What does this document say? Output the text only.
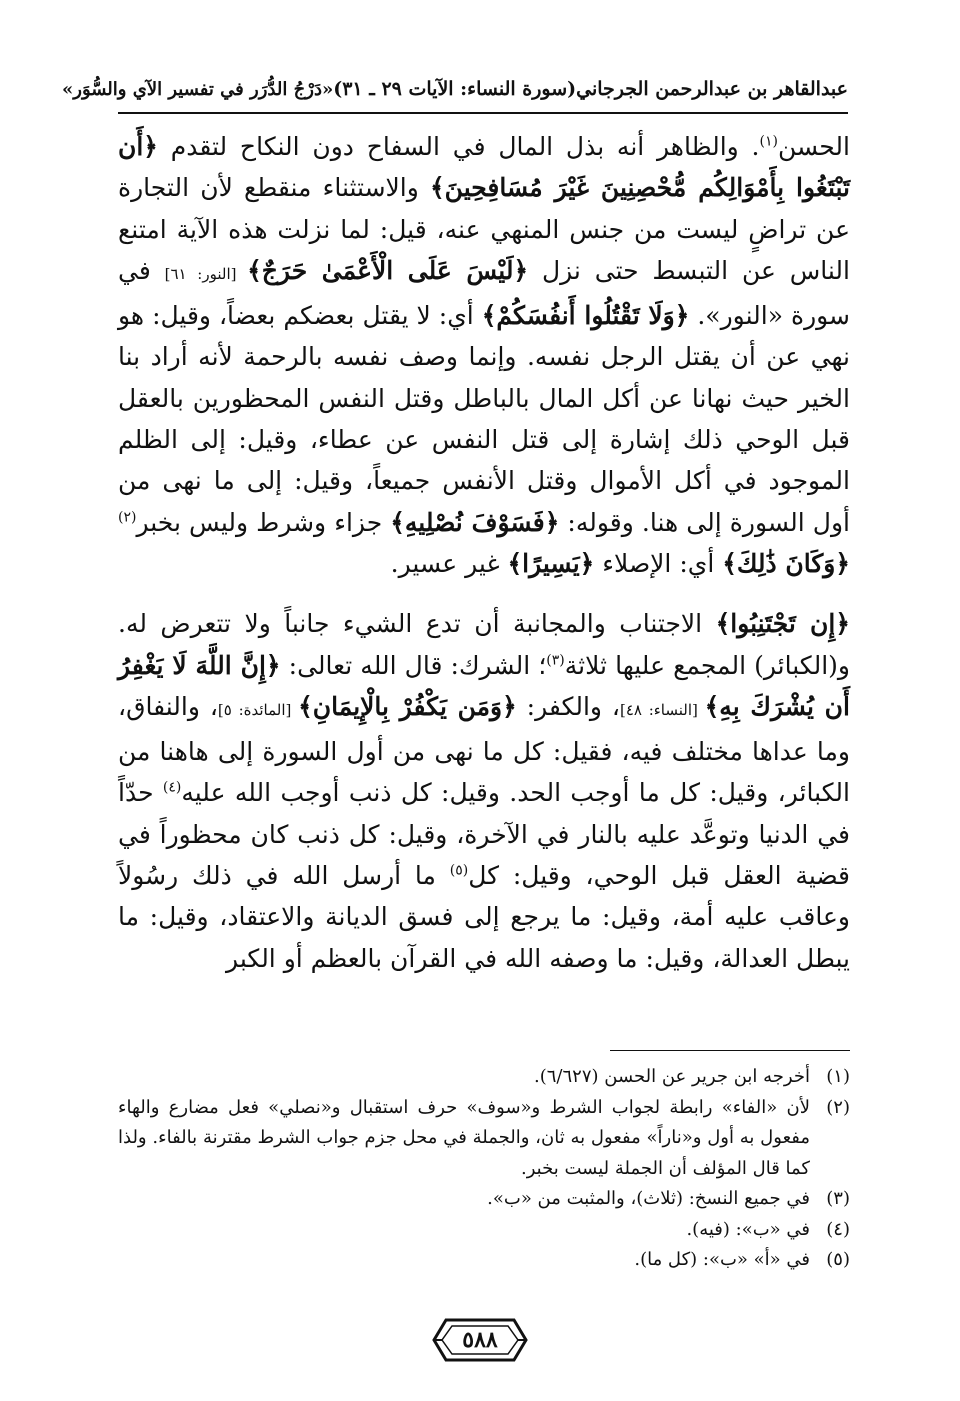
عبدالقاهر بن عبدالرحمن الجرجاني
(سورة النساء: الآيات ٢٩ ـ ٣١)
«دَرْجُ الدُّرَر في تفسير الآي والسُّوَر»

الحسن$^{(١)}$. والظاهر أنه بذل المال في السفاح دون النكاح لتقدم ﴿أَن تَبْتَغُوا بِأَمْوَالِكُم مُّحْصِنِينَ غَيْرَ مُسَافِحِينَ﴾ والاستثناء منقطع لأن التجارة عن تراضٍ ليست من جنس المنهي عنه، قيل: لما نزلت هذه الآية امتنع الناس عن التبسط حتى نزل ﴿لَيْسَ عَلَى الْأَعْمَىٰ حَرَجٌ﴾ [النور: ٦١] في سورة «النور». ﴿وَلَا تَقْتُلُوا أَنفُسَكُمْ﴾ أي: لا يقتل بعضكم بعضاً، وقيل: هو نهي عن أن يقتل الرجل نفسه. وإنما وصف نفسه بالرحمة لأنه أراد بنا الخير حيث نهانا عن أكل المال بالباطل وقتل النفس المحظورين بالعقل قبل الوحي ذلك إشارة إلى قتل النفس عن عطاء، وقيل: إلى الظلم الموجود في أكل الأموال وقتل الأنفس جميعاً، وقيل: إلى ما نهى من أول السورة إلى هنا. وقوله: ﴿فَسَوْفَ نُصْلِيهِ﴾ جزاء وشرط وليس بخبر$^{(٢)}$ ﴿وَكَانَ ذَٰلِكَ﴾ أي: الإصلاء ﴿يَسِيرًا﴾ غير عسير.

﴿إِن تَجْتَنِبُوا﴾ الاجتناب والمجانبة أن تدع الشيء جانباً ولا تتعرض له. و(الكبائر) المجمع عليها ثلاثة$^{(٣)}$؛ الشرك: قال الله تعالى: ﴿إِنَّ اللَّهَ لَا يَغْفِرُ أَن يُشْرَكَ بِهِ﴾ [النساء: ٤٨]، والكفر: ﴿وَمَن يَكْفُرْ بِالْإِيمَانِ﴾ [المائدة: ٥]، والنفاق، وما عداها مختلف فيه، فقيل: كل ما نهى من أول السورة إلى هاهنا من الكبائر، وقيل: كل ما أوجب الحد. وقيل: كل ذنب أوجب الله عليه$^{(٤)}$ حدّاً في الدنيا وتوعَّد عليه بالنار في الآخرة، وقيل: كل ذنب كان محظوراً في قضية العقل قبل الوحي، وقيل: كل$^{(٥)}$ ما أرسل الله في ذلك رسُولاً وعاقب عليه أمة، وقيل: ما يرجع إلى فسق الديانة والاعتقاد، وقيل: ما يبطل العدالة، وقيل: ما وصفه الله في القرآن بالعظم أو الكبر

(١)
أخرجه ابن جرير عن الحسن (٦/٦٢٧).

(٢)
لأن «الفاء» رابطة لجواب الشرط و«سوف» حرف استقبال و«نصلي» فعل مضارع والهاء مفعول به أول و«ناراً» مفعول به ثان، والجملة في محل جزم جواب الشرط مقترنة بالفاء. ولذا كما قال المؤلف أن الجملة ليست بخبر.

(٣)
في جميع النسخ: (ثلاث)، والمثبت من «ب».

(٤)
في «ب»: (فيه).

(٥)
في «أ» «ب»: (كل ما).

٥٨٨
